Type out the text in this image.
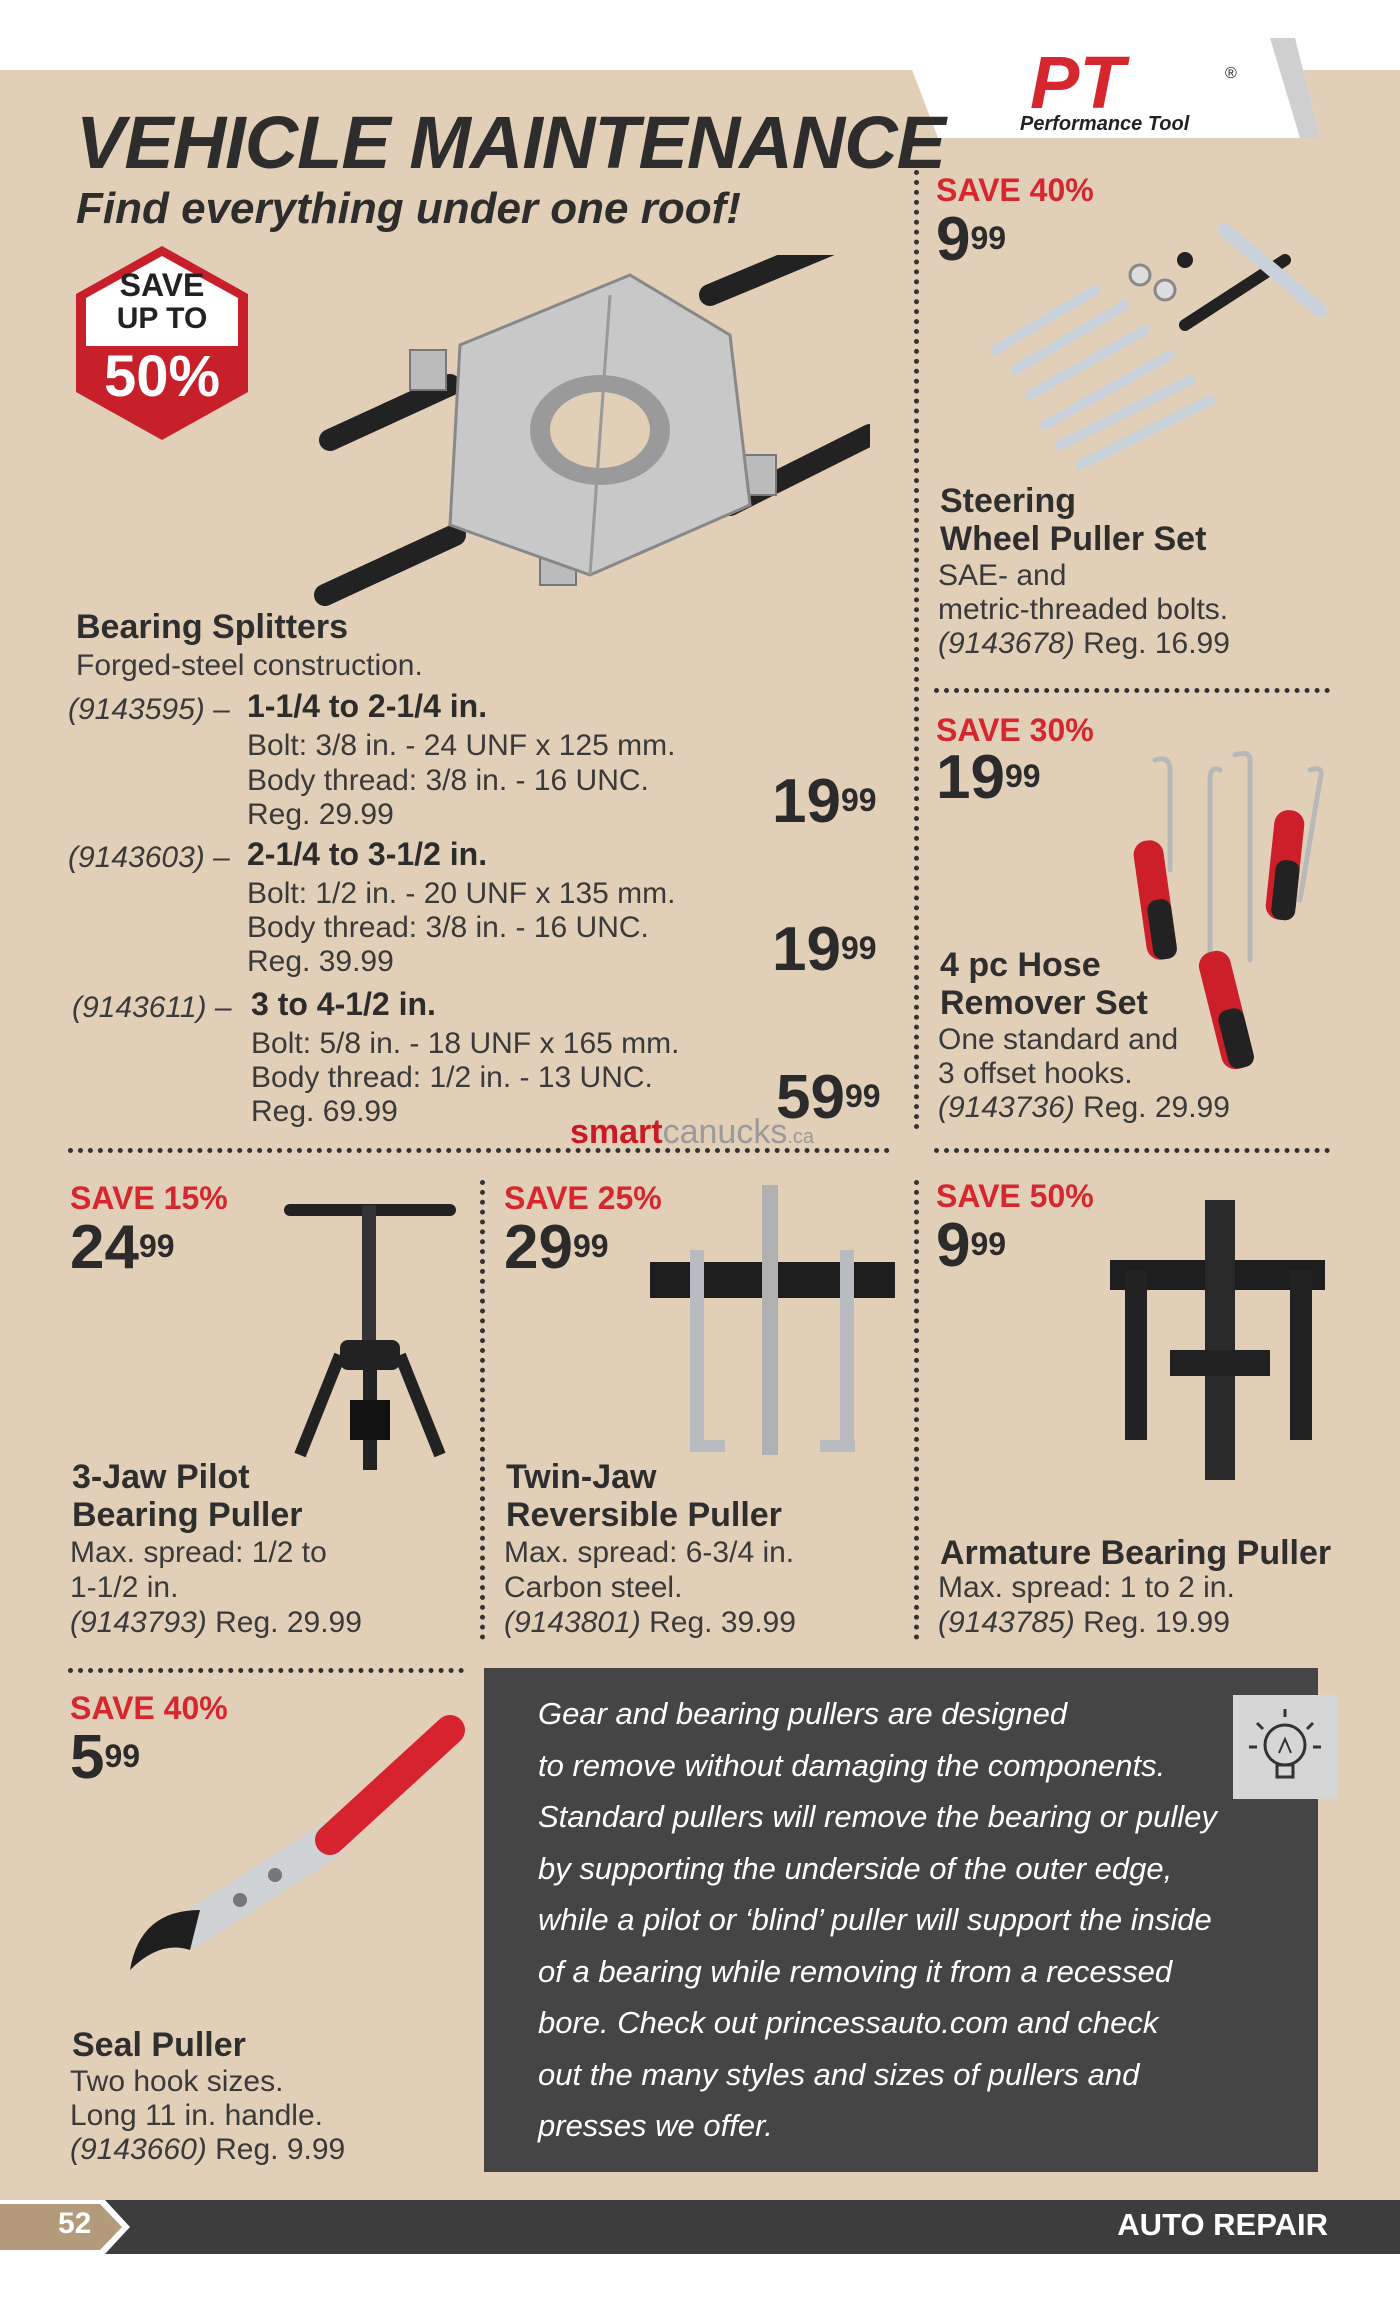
PT	®
Performance Tool
VEHICLE MAINTENANCE
Find everything under one roof!
SAVE
UP TO
50%
Bearing Splitters
Forged-steel construction.
(9143595) – 1-1/4 to 2-1/4 in.
Bolt: 3/8 in. - 24 UNF x 125 mm.
Body thread: 3/8 in. - 16 UNC.
Reg. 29.99	$19^{99}$
(9143603) – 2-1/4 to 3-1/2 in.
Bolt: 1/2 in. - 20 UNF x 135 mm.
Body thread: 3/8 in. - 16 UNC.
Reg. 39.99	$19^{99}$
(9143611) – 3 to 4-1/2 in.
Bolt: 5/8 in. - 18 UNF x 165 mm.
Body thread: 1/2 in. - 13 UNC.
Reg. 69.99	$59^{99}$
smartcanucks.ca
SAVE 40%
$9^{99}$
Steering
Wheel Puller Set
SAE- and
metric-threaded bolts.
(9143678) Reg. 16.99
SAVE 30%
$19^{99}$
4 pc Hose
Remover Set
One standard and
3 offset hooks.
(9143736) Reg. 29.99
SAVE 15%
$24^{99}$
3-Jaw Pilot
Bearing Puller
Max. spread: 1/2 to
1-1/2 in.
(9143793) Reg. 29.99
SAVE 25%
$29^{99}$
Twin-Jaw
Reversible Puller
Max. spread: 6-3/4 in.
Carbon steel.
(9143801) Reg. 39.99
SAVE 50%
$9^{99}$
Armature Bearing Puller
Max. spread: 1 to 2 in.
(9143785) Reg. 19.99
SAVE 40%
$5^{99}$
Seal Puller
Two hook sizes.
Long 11 in. handle.
(9143660) Reg. 9.99
Gear and bearing pullers are designed
to remove without damaging the components.
Standard pullers will remove the bearing or pulley
by supporting the underside of the outer edge,
while a pilot or ‘blind’ puller will support the inside
of a bearing while removing it from a recessed
bore. Check out princessauto.com and check
out the many styles and sizes of pullers and
presses we offer.
52	AUTO REPAIR
